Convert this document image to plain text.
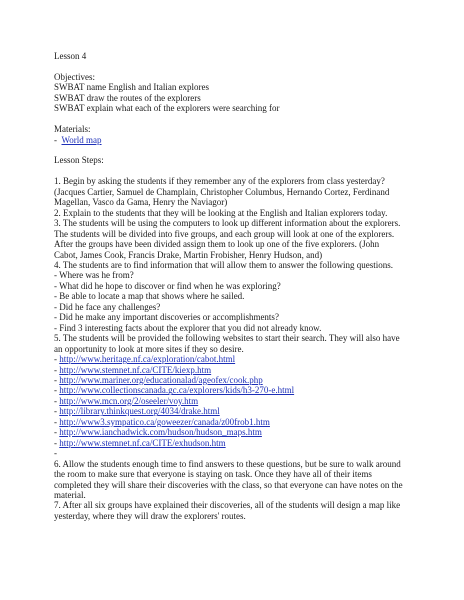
Lesson 4
Objectives:
SWBAT name English and Italian explores
SWBAT draw the routes of the explorers
SWBAT explain what each of the explorers were searching for
Materials:
- World map
Lesson Steps:
1. Begin by asking the students if they remember any of the explorers from class yesterday?
(Jacques Cartier, Samuel de Champlain, Christopher Columbus, Hernando Cortez, Ferdinand
Magellan, Vasco da Gama, Henry the Naviagor)
2. Explain to the students that they will be looking at the English and Italian explorers today.
3. The students will be using the computers to look up different information about the explorers.
The students will be divided into five groups, and each group will look at one of the explorers.
After the groups have been divided assign them to look up one of the five explorers. (John
Cabot, James Cook, Francis Drake, Martin Frobisher, Henry Hudson, and)
4. The students are to find information that will allow them to answer the following questions.
- Where was he from?
- What did he hope to discover or find when he was exploring?
- Be able to locate a map that shows where he sailed.
- Did he face any challenges?
- Did he make any important discoveries or accomplishments?
- Find 3 interesting facts about the explorer that you did not already know.
5. The students will be provided the following websites to start their search. They will also have
an opportunity to look at more sites if they so desire.
- http://www.heritage.nf.ca/exploration/cabot.html
- http://www.stemnet.nf.ca/CITE/kiexp.htm
- http://www.mariner.org/educationalad/ageofex/cook.php
- http://www.collectionscanada.gc.ca/explorers/kids/h3-270-e.html
- http://www.mcn.org/2/oseeler/voy.htm
- http://library.thinkquest.org/4034/drake.html
- http://www3.sympatico.ca/goweezer/canada/z00frob1.htm
- http://www.ianchadwick.com/hudson/hudson_maps.htm
- http://www.stemnet.nf.ca/CITE/exhudson.htm
-
6. Allow the students enough time to find answers to these questions, but be sure to walk around
the room to make sure that everyone is staying on task. Once they have all of their items
completed they will share their discoveries with the class, so that everyone can have notes on the
material.
7. After all six groups have explained their discoveries, all of the students will design a map like
yesterday, where they will draw the explorers' routes.
